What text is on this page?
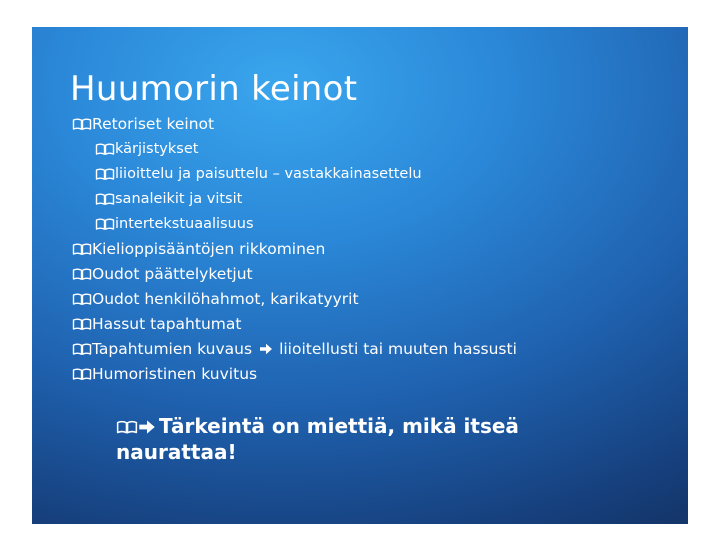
Huumorin keinot
Retoriset keinot
kärjistykset
liioittelu ja paisuttelu – vastakkainasettelu
sanaleikit ja vitsit
intertekstuaalisuus
Kielioppisääntöjen rikkominen
Oudot päättelyketjut
Oudot henkilöhahmot, karikatyyrit
Hassut tapahtumat
Tapahtumien kuvaus liioitellusti tai muuten hassusti
Humoristinen kuvitus
Tärkeintä on miettiä, mikä itseä naurattaa!
